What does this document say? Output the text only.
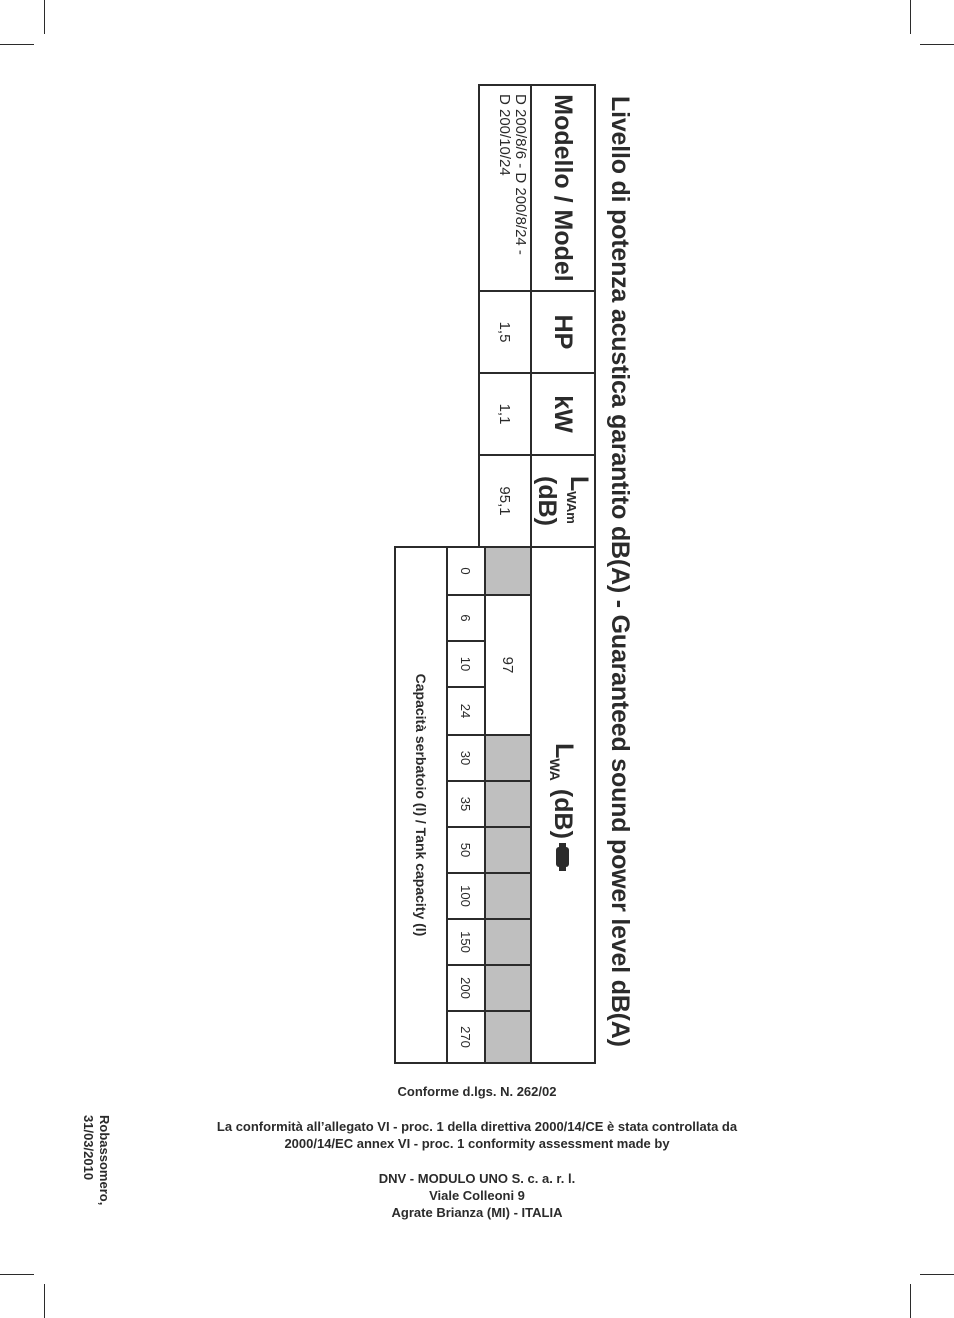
Livello di potenza acustica garantito dB(A) - Guaranteed sound power level dB(A)
Modello / Model
HP
kW
$L_{WAm}$
(dB)
$L_{WA}$
(dB)
D 200/8/6 - D 200/8/24 -
D 200/10/24
1,5
1,1
95,1
97
0
6
10
24
30
35
50
100
150
200
270
Capacità serbatoio (l) / Tank capacity (l)
Conforme d.lgs. N. 262/02
La conformità all’allegato VI - proc. 1 della direttiva 2000/14/CE è stata controllata da
2000/14/EC annex VI - proc. 1 conformity assessment made by
DNV - MODULO UNO S. c. a. r. l.
Viale Colleoni 9
Agrate Brianza (MI) - ITALIA
Robassomero,
31/03/2010
